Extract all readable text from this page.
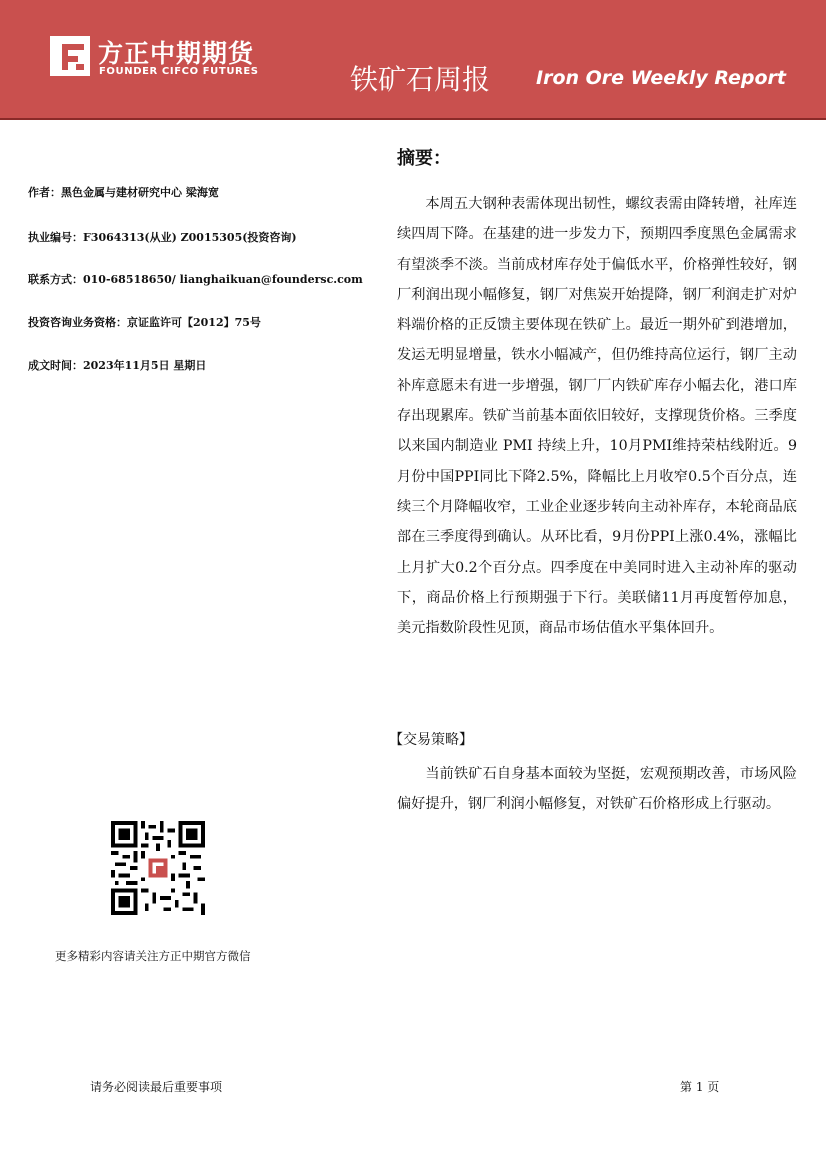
方正中期期货
FOUNDER CIFCO FUTURES	铁矿石周报 Iron Ore Weekly Report
作者：黑色金属与建材研究中心 梁海宽
执业编号：F3064313(从业) Z0015305(投资咨询)
联系方式：010-68518650/ lianghaikuan@foundersc.com
投资咨询业务资格：京证监许可【2012】75号
成文时间：2023年11月5日 星期日
更多精彩内容请关注方正中期官方微信
摘要：

本周五大钢种表需体现出韧性，螺纹表需由降转增，社库连续四周下降。在基建的进一步发力下，预期四季度黑色金属需求有望淡季不淡。当前成材库存处于偏低水平，价格弹性较好，钢厂利润出现小幅修复，钢厂对焦炭开始提降，钢厂利润走扩对炉料端价格的正反馈主要体现在铁矿上。最近一期外矿到港增加，发运无明显增量，铁水小幅减产，但仍维持高位运行，钢厂主动补库意愿未有进一步增强，钢厂厂内铁矿库存小幅去化，港口库存出现累库。铁矿当前基本面依旧较好，支撑现货价格。三季度以来国内制造业 PMI 持续上升，10月PMI维持荣枯线附近。9月份中国PPI同比下降2.5%，降幅比上月收窄0.5个百分点，连续三个月降幅收窄，工业企业逐步转向主动补库存，本轮商品底部在三季度得到确认。从环比看，9月份PPI上涨0.4%，涨幅比上月扩大0.2个百分点。四季度在中美同时进入主动补库的驱动下，商品价格上行预期强于下行。美联储11月再度暂停加息，美元指数阶段性见顶，商品市场估值水平集体回升。

【交易策略】

当前铁矿石自身基本面较为坚挺，宏观预期改善，市场风险偏好提升，钢厂利润小幅修复，对铁矿石价格形成上行驱动。

请务必阅读最后重要事项	第 1 页
